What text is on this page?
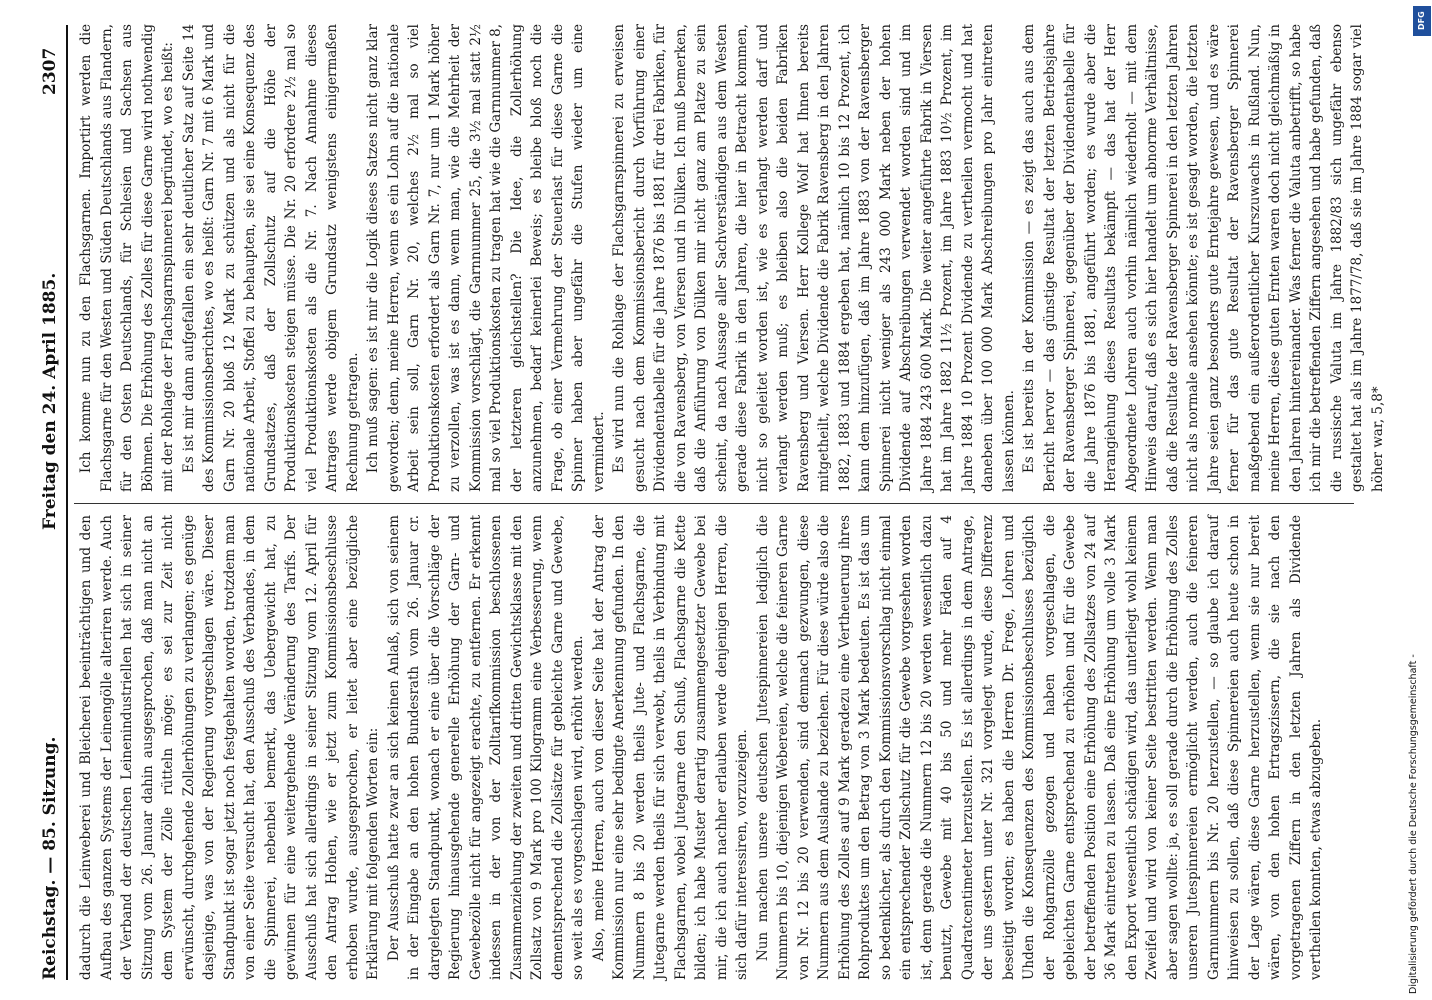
Reichstag. — 85. Sitzung.
Freitag den 24. April 1885.
2307

dadurch die Leinweberei und Bleicherei beeinträchtigen und den Aufbau des ganzen Systems der Leinengölle alteriren werde. Auch der Verband der deutschen Leinenindustriellen hat sich in seiner Sitzung vom 26. Januar dahin ausgesprochen, daß man nicht an dem System der Zölle rütteln möge; es sei zur Zeit nicht erwünscht, durchgehende Zollerhöhungen zu verlangen; es genüge dasjenige, was von der Regierung vorgeschlagen wäre. Dieser Standpunkt ist sogar jetzt noch festgehalten worden, trotzdem man von einer Seite versucht hat, den Ausschuß des Verbandes, in dem die Spinnerei, nebenbei bemerkt, das Uebergewicht hat, zu gewinnen für eine weitergehende Veränderung des Tarifs. Der Ausschuß hat sich allerdings in seiner Sitzung vom 12. April für den Antrag Hohen, wie er jetzt zum Kommissionsbeschlusse erhoben wurde, ausgesprochen, er leitet aber eine bezügliche Erklärung mit folgenden Worten ein: Der Ausschuß hatte zwar an sich keinen Anlaß, sich von seinem in der Eingabe an den hohen Bundesrath vom 26. Januar cr. dargelegten Standpunkt, wonach er eine über die Vorschläge der Regierung hinausgehende generelle Erhöhung der Garn- und Gewebezölle nicht für angezeigt erachte, zu entfernen. Er erkennt indessen in der von der Zolltarifkommission beschlossenen Zusammenziehung der zweiten und dritten Gewichtsklasse mit den Zollsatz von 9 Mark pro 100 Kilogramm eine Verbesserung, wenn dementsprechend die Zollsätze für gebleichte Garne und Gewebe, so weit als es vorgeschlagen wird, erhöht werden. Also, meine Herren, auch von dieser Seite hat der Antrag der Kommission nur eine sehr bedingte Anerkennung gefunden. In den Nummern 8 bis 20 werden theils Jute- und Flachsgarne, die Jutegarne werden theils für sich verwebt, theils in Verbindung mit Flachsgarnen, wobei Jutegarne den Schuß, Flachsgarne die Kette bilden; ich habe Muster derartig zusammengesetzter Gewebe bei mir, die ich auch nachher erlauben werde denjenigen Herren, die sich dafür interessiren, vorzuzeigen. Nun machen unsere deutschen Jutespinnereien lediglich die Nummern bis 10, diejenigen Webereien, welche die feineren Garne von Nr. 12 bis 20 verwenden, sind demnach gezwungen, diese Nummern aus dem Auslande zu beziehen. Für diese würde also die Erhöhung des Zolles auf 9 Mark geradezu eine Vertheuerung ihres Rohproduktes um den Betrag von 3 Mark bedeuten. Es ist das um so bedenklicher, als durch den Kommissionsvorschlag nicht einmal ein entsprechender Zollschutz für die Gewebe vorgesehen worden ist, denn gerade die Nummern 12 bis 20 werden wesentlich dazu benutzt, Gewebe mit 40 bis 50 und mehr Fäden auf 4 Quadratcentimeter herzustellen. Es ist allerdings in dem Antrage, der uns gestern unter Nr. 321 vorgelegt wurde, diese Differenz beseitigt worden; es haben die Herren Dr. Frege, Lohren und Uhden die Konsequenzen des Kommissionsbeschlusses bezüglich der Rohgarnzölle gezogen und haben vorgeschlagen, die gebleichten Garne entsprechend zu erhöhen und für die Gewebe der betreffenden Position eine Erhöhung des Zollsatzes von 24 auf 36 Mark eintreten zu lassen. Daß eine Erhöhung um volle 3 Mark den Export wesentlich schädigen wird, das unterliegt wohl keinem Zweifel und wird von keiner Seite bestritten werden. Wenn man aber sagen wollte: ja, es soll gerade durch die Erhöhung des Zolles unseren Jutespinnereien ermöglicht werden, auch die feineren Garnnummern bis Nr. 20 herzustellen, — so glaube ich darauf hinweisen zu sollen, daß diese Spinnereien auch heute schon in der Lage wären, diese Garne herzustellen, wenn sie nur bereit wären, von den hohen Ertragszissern, die sie nach den vorgetragenen Ziffern in den letzten Jahren als Dividende vertheilen konnten, etwas abzugeben.

Ich komme nun zu den Flachsgarnen. Importirt werden die Flachsgarne für den Westen und Süden Deutschlands aus Flandern, für den Osten Deutschlands, für Schlesien und Sachsen aus Böhmen. Die Erhöhung des Zolles für diese Garne wird nothwendig mit der Rohlage der Flachsgarnspinnerei begründet, wo es heißt: Es ist mir dann aufgefallen ein sehr deutlicher Satz auf Seite 14 des Kommissionsberichtes, wo es heißt: Garn Nr. 7 mit 6 Mark und Garn Nr. 20 bloß 12 Mark zu schützen und als nicht für die nationale Arbeit, Stoffel zu behaupten, sie sei eine Konsequenz des Grundsatzes, daß der Zollschutz auf die Höhe der Produktionskosten steigen müsse. Die Nr. 20 erfordere 2½ mal so viel Produktionskosten als die Nr. 7. Nach Annahme dieses Antrages werde obigem Grundsatz wenigstens einigermaßen Rechnung getragen. Ich muß sagen: es ist mir die Logik dieses Satzes nicht ganz klar geworden; denn, meine Herren, wenn es ein Lohn auf die nationale Arbeit sein soll, Garn Nr. 20, welches 2½ mal so viel Produktionskosten erfordert als Garn Nr. 7, nur um 1 Mark höher zu verzollen, was ist es dann, wenn man, wie die Mehrheit der Kommission vorschlägt, die Garnnummer 25, die 3½ mal statt 2½ mal so viel Produktionskosten zu tragen hat wie die Garnnummer 8, der letzteren gleichstellen? Die Idee, die Zollerhöhung anzunehmen, bedarf keinerlei Beweis; es bleibe bloß noch die Frage, ob einer Vermehrung der Steuerlast für diese Garne die Spinner haben aber ungefähr die Stufen wieder um eine vermindert. Es wird nun die Rohlage der Flachsgarnspinnerei zu erweisen gesucht nach dem Kommissionsbericht durch Vorführung einer Dividendentabelle für die Jahre 1876 bis 1881 für drei Fabriken, für die von Ravensberg, von Viersen und in Dülken. Ich muß bemerken, daß die Anführung von Dülken mir nicht ganz am Platze zu sein scheint, da nach Aussage aller Sachverständigen aus dem Westen gerade diese Fabrik in den Jahren, die hier in Betracht kommen, nicht so geleitet worden ist, wie es verlangt werden darf und verlangt werden muß; es bleiben also die beiden Fabriken Ravensberg und Viersen. Herr Kollege Wolf hat Ihnen bereits mitgetheilt, welche Dividende die Fabrik Ravensberg in den Jahren 1882, 1883 und 1884 ergeben hat, nämlich 10 bis 12 Prozent, ich kann dem hinzufügen, daß im Jahre 1883 von der Ravensberger Spinnerei nicht weniger als 243 000 Mark neben der hohen Dividende auf Abschreibungen verwendet worden sind und im Jahre 1884 243 600 Mark. Die weiter angeführte Fabrik in Viersen hat im Jahre 1882 11½ Prozent, im Jahre 1883 10½ Prozent, im Jahre 1884 10 Prozent Dividende zu vertheilen vermocht und hat daneben über 100 000 Mark Abschreibungen pro Jahr eintreten lassen können. Es ist bereits in der Kommission — es zeigt das auch aus dem Bericht hervor — das günstige Resultat der letzten Betriebsjahre der Ravensberger Spinnerei, gegenüber der Dividendentabelle für die Jahre 1876 bis 1881, angeführt worden; es wurde aber die Herangiehung dieses Resultats bekämpft — das hat der Herr Abgeordnete Lohren auch vorhin nämlich wiederholt — mit dem Hinweis darauf, daß es sich hier handelt um abnorme Verhältnisse, daß die Resultate der Ravensberger Spinnerei in den letzten Jahren nicht als normale ansehen könnte; es ist gesagt worden, die letzten Jahre seien ganz besonders gute Erntejahre gewesen, und es wäre ferner für das gute Resultat der Ravensberger Spinnerei maßgebend ein außerordentlicher Kurszuwachs in Rußland. Nun, meine Herren, diese guten Ernten waren doch nicht gleichmäßig in den Jahren hintereinander. Was ferner die Valuta anbetrifft, so habe ich mir die betreffenden Ziffern angesehen und habe gefunden, daß die russische Valuta im Jahre 1882/83 sich ungefähr ebenso gestaltet hat als im Jahre 1877/78, daß sie im Jahre 1884 sogar viel höher war, 5,8*

DFG
Digitalisierung gefördert durch die Deutsche Forschungsgemeinschaft -
